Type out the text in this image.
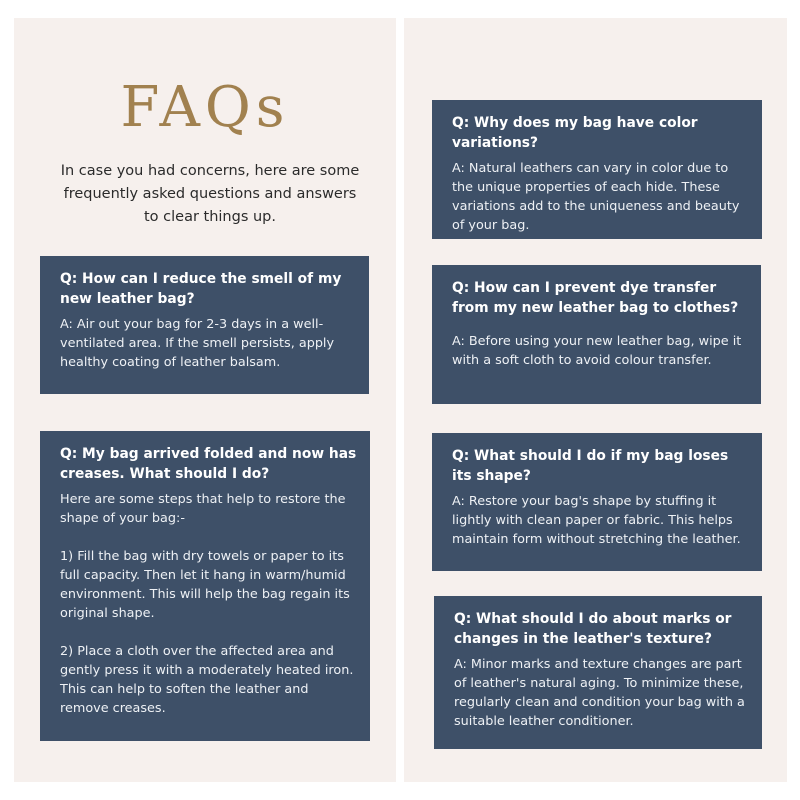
FAQs

In case you had concerns, here are some
frequently asked questions and answers
to clear things up.

Q: How can I reduce the smell of my new leather bag?

A: Air out your bag for 2-3 days in a well-ventilated area. If the smell persists, apply healthy coating of leather balsam.

Q: My bag arrived folded and now has creases. What should I do?

Here are some steps that help to restore the shape of your bag:-

1) Fill the bag with dry towels or paper to its full capacity. Then let it hang in warm/humid environment. This will help the bag regain its original shape.

2) Place a cloth over the affected area and gently press it with a moderately heated iron. This can help to soften the leather and remove creases.

Q: Why does my bag have color variations?

A: Natural leathers can vary in color due to the unique properties of each hide. These variations add to the uniqueness and beauty of your bag.

Q: How can I prevent dye transfer from my new leather bag to clothes?

A: Before using your new leather bag, wipe it with a soft cloth to avoid colour transfer.

Q: What should I do if my bag loses its shape?

A: Restore your bag's shape by stuffing it lightly with clean paper or fabric. This helps maintain form without stretching the leather.

Q: What should I do about marks or changes in the leather's texture?

A: Minor marks and texture changes are part of leather's natural aging. To minimize these, regularly clean and condition your bag with a suitable leather conditioner.
